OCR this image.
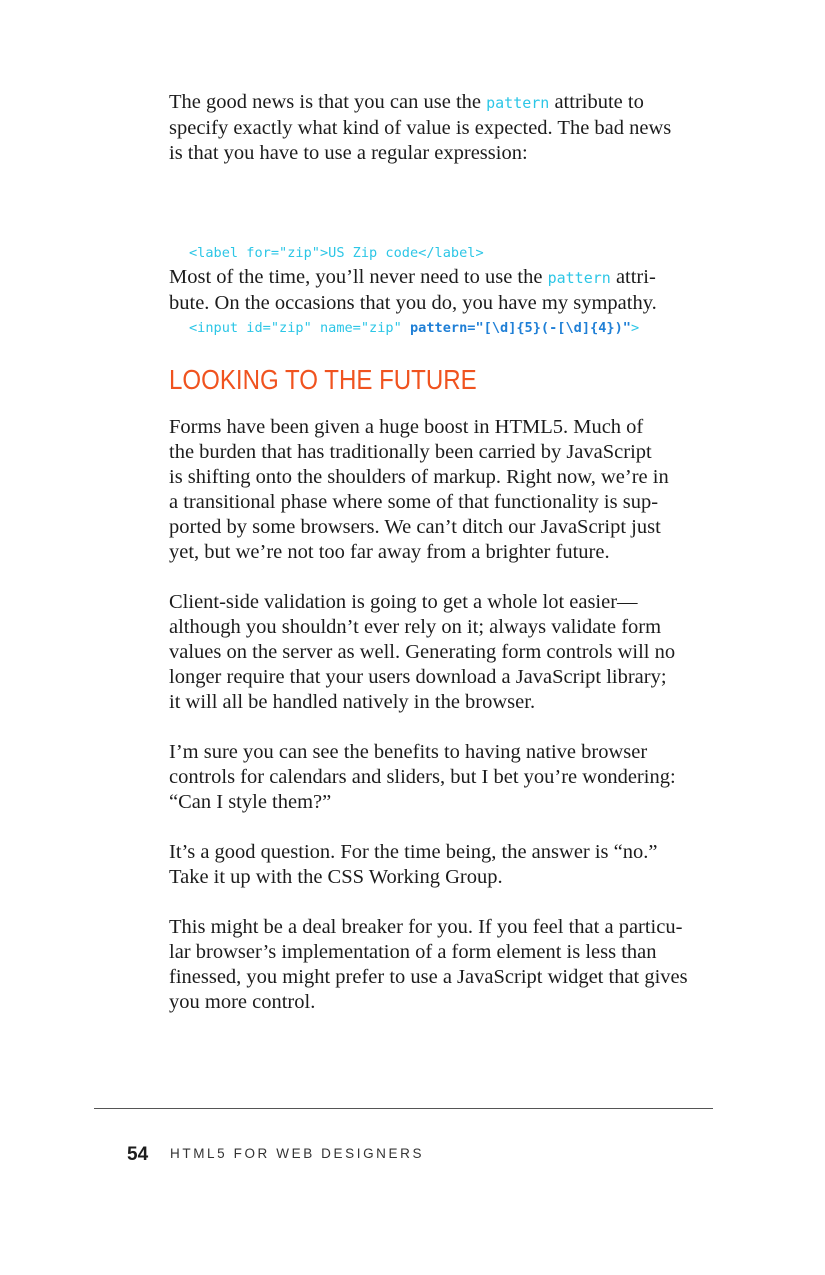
The good news is that you can use the pattern attribute to
specify exactly what kind of value is expected. The bad news
is that you have to use a regular expression:

<label for="zip">US Zip code</label>

<input id="zip" name="zip" pattern="[\d]{5}(-[\d]{4})">

Most of the time, you’ll never need to use the pattern attri-
bute. On the occasions that you do, you have my sympathy.
LOOKING TO THE FUTURE
Forms have been given a huge boost in HTML5. Much of
the burden that has traditionally been carried by JavaScript
is shifting onto the shoulders of markup. Right now, we’re in
a transitional phase where some of that functionality is sup-
ported by some browsers. We can’t ditch our JavaScript just
yet, but we’re not too far away from a brighter future.
Client-side validation is going to get a whole lot easier—
although you shouldn’t ever rely on it; always validate form
values on the server as well. Generating form controls will no
longer require that your users download a JavaScript library;
it will all be handled natively in the browser.
I’m sure you can see the benefits to having native browser
controls for calendars and sliders, but I bet you’re wondering:
“Can I style them?”
It’s a good question. For the time being, the answer is “no.”
Take it up with the CSS Working Group.
This might be a deal breaker for you. If you feel that a particu-
lar browser’s implementation of a form element is less than
finessed, you might prefer to use a JavaScript widget that gives
you more control.
54 HTML5 FOR WEB DESIGNERS
